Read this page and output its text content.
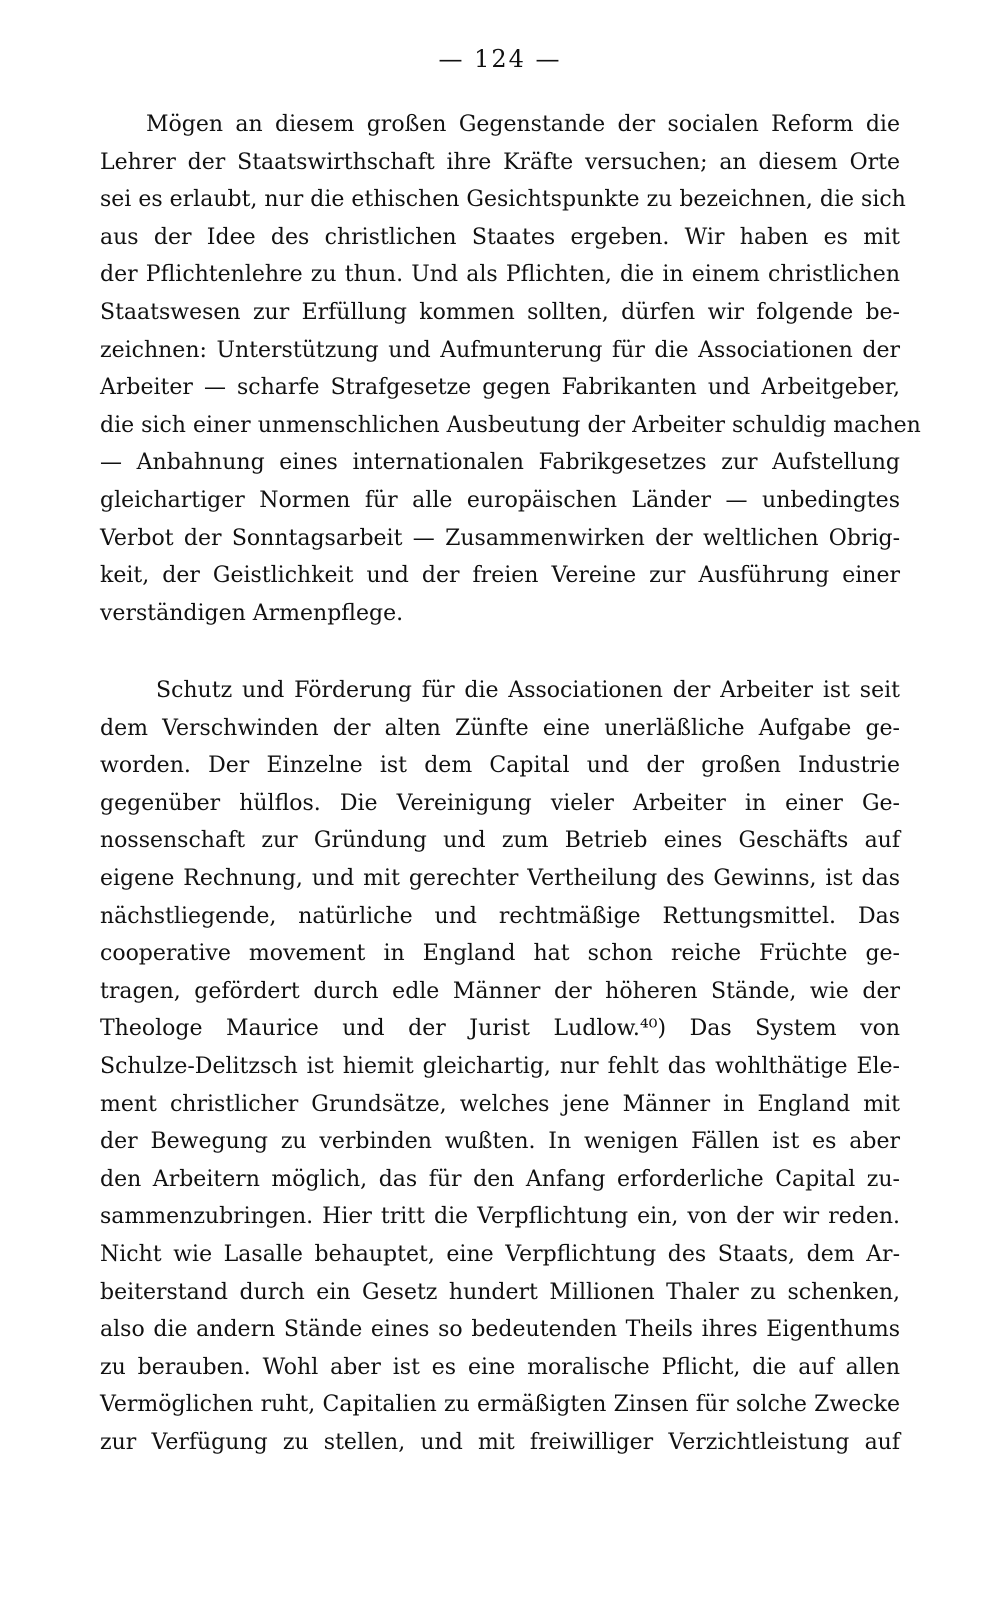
— 124 —
Mögen an diesem großen Gegenstande der socialen Reform die
Lehrer der Staatswirthschaft ihre Kräfte versuchen; an diesem Orte
sei es erlaubt, nur die ethischen Gesichtspunkte zu bezeichnen, die sich
aus der Idee des christlichen Staates ergeben. Wir haben es mit
der Pflichtenlehre zu thun. Und als Pflichten, die in einem christlichen
Staatswesen zur Erfüllung kommen sollten, dürfen wir folgende be-
zeichnen: Unterstützung und Aufmunterung für die Associationen der
Arbeiter — scharfe Strafgesetze gegen Fabrikanten und Arbeitgeber,
die sich einer unmenschlichen Ausbeutung der Arbeiter schuldig machen
— Anbahnung eines internationalen Fabrikgesetzes zur Aufstellung
gleichartiger Normen für alle europäischen Länder — unbedingtes
Verbot der Sonntagsarbeit — Zusammenwirken der weltlichen Obrig-
keit, der Geistlichkeit und der freien Vereine zur Ausführung einer
verständigen Armenpflege.
Schutz und Förderung für die Associationen der Arbeiter ist seit
dem Verschwinden der alten Zünfte eine unerläßliche Aufgabe ge-
worden. Der Einzelne ist dem Capital und der großen Industrie
gegenüber hülflos. Die Vereinigung vieler Arbeiter in einer Ge-
nossenschaft zur Gründung und zum Betrieb eines Geschäfts auf
eigene Rechnung, und mit gerechter Vertheilung des Gewinns, ist das
nächstliegende, natürliche und rechtmäßige Rettungsmittel. Das
cooperative movement in England hat schon reiche Früchte ge-
tragen, gefördert durch edle Männer der höheren Stände, wie der
Theologe Maurice und der Jurist Ludlow.⁴⁰) Das System von
Schulze-Delitzsch ist hiemit gleichartig, nur fehlt das wohlthätige Ele-
ment christlicher Grundsätze, welches jene Männer in England mit
der Bewegung zu verbinden wußten. In wenigen Fällen ist es aber
den Arbeitern möglich, das für den Anfang erforderliche Capital zu-
sammenzubringen. Hier tritt die Verpflichtung ein, von der wir reden.
Nicht wie Lasalle behauptet, eine Verpflichtung des Staats, dem Ar-
beiterstand durch ein Gesetz hundert Millionen Thaler zu schenken,
also die andern Stände eines so bedeutenden Theils ihres Eigenthums
zu berauben. Wohl aber ist es eine moralische Pflicht, die auf allen
Vermöglichen ruht, Capitalien zu ermäßigten Zinsen für solche Zwecke
zur Verfügung zu stellen, und mit freiwilliger Verzichtleistung auf
